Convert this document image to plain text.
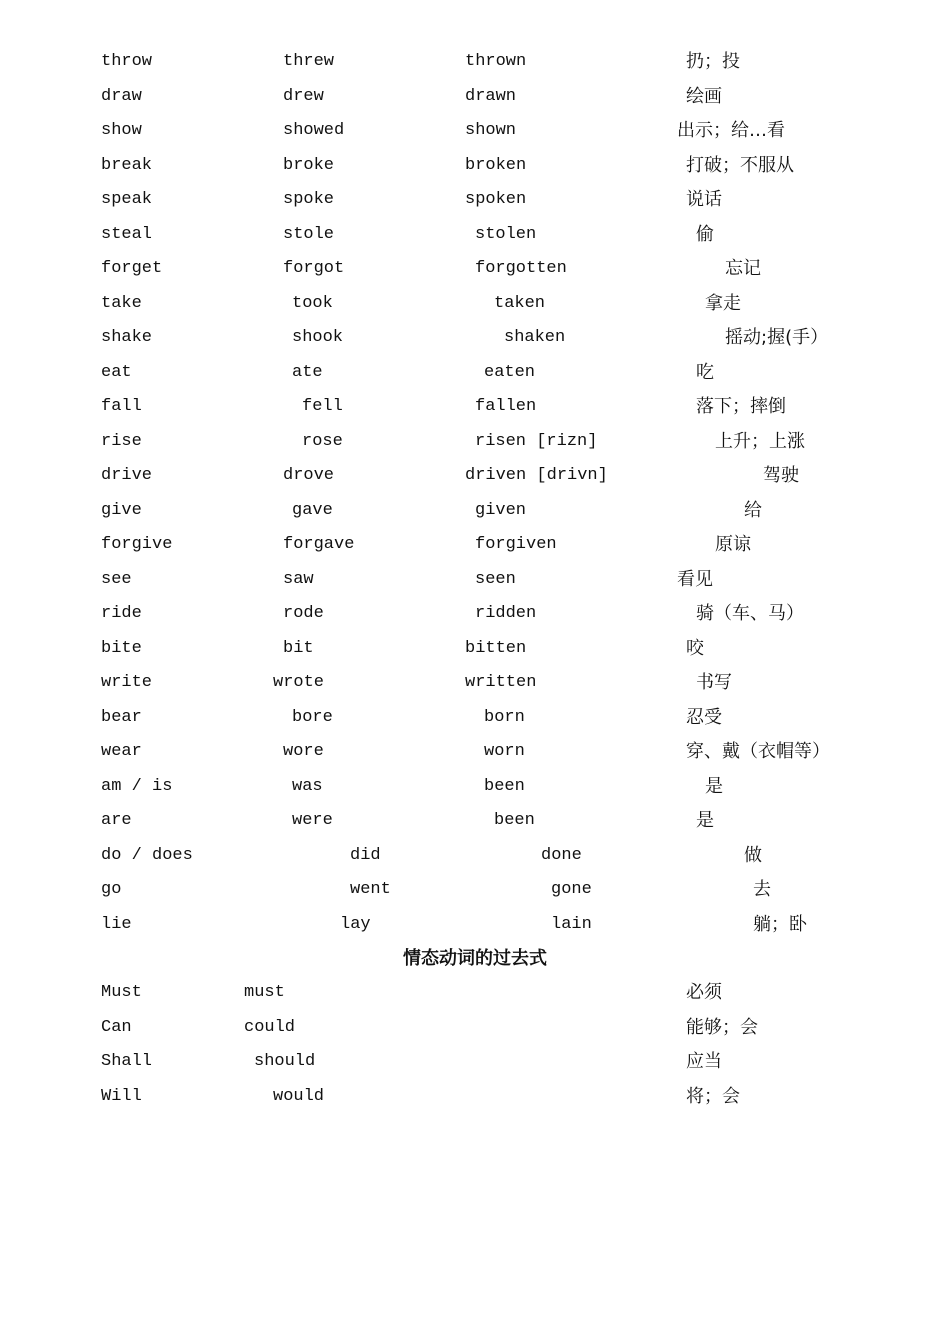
throw	threw	thrown	扔；投
draw	drew	drawn	绘画
show	showed	shown	出示；给…看
break	broke	broken	打破；不服从
speak	spoke	spoken	说话
steal	stole	stolen	偷
forget	forgot	forgotten	忘记
take	took	taken	拿走
shake	shook	shaken	摇动;握(手）
eat	ate	eaten	吃
fall	fell	fallen	落下；摔倒
rise	rose	risen [rizn]	上升；上涨
drive	drove	driven [drivn]	驾驶
give	gave	given	给
forgive	forgave	forgiven	原谅
see	saw	seen	看见
ride	rode	ridden	骑（车、马）
bite	bit	bitten	咬
write	wrote	written	书写
bear	bore	born	忍受
wear	wore	worn	穿、戴（衣帽等）
am / is	was	been	是
are	were	been	是
do / does	did	done	做
go	went	gone	去
lie	lay	lain	躺；卧
情态动词的过去式
Must	must	必须
Can	could	能够；会
Shall	should	应当
Will	would	将；会
